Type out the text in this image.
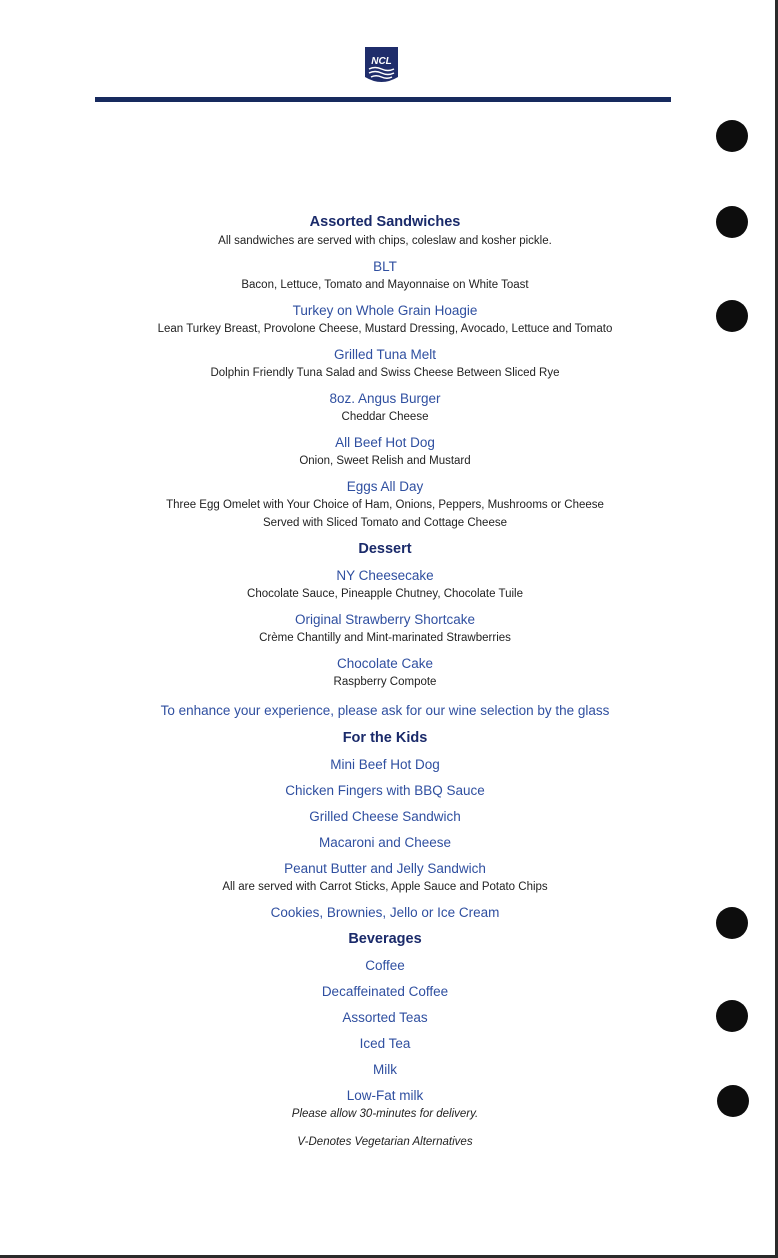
NCL
Assorted Sandwiches
All sandwiches are served with chips, coleslaw and kosher pickle.
BLT
Bacon, Lettuce, Tomato and Mayonnaise on White Toast
Turkey on Whole Grain Hoagie
Lean Turkey Breast, Provolone Cheese, Mustard Dressing, Avocado, Lettuce and Tomato
Grilled Tuna Melt
Dolphin Friendly Tuna Salad and Swiss Cheese Between Sliced Rye
8oz. Angus Burger
Cheddar Cheese
All Beef Hot Dog
Onion, Sweet Relish and Mustard
Eggs All Day
Three Egg Omelet with Your Choice of Ham, Onions, Peppers, Mushrooms or Cheese
Served with Sliced Tomato and Cottage Cheese
Dessert
NY Cheesecake
Chocolate Sauce, Pineapple Chutney, Chocolate Tuile
Original Strawberry Shortcake
Crème Chantilly and Mint-marinated Strawberries
Chocolate Cake
Raspberry Compote
To enhance your experience, please ask for our wine selection by the glass
For the Kids
Mini Beef Hot Dog
Chicken Fingers with BBQ Sauce
Grilled Cheese Sandwich
Macaroni and Cheese
Peanut Butter and Jelly Sandwich
All are served with Carrot Sticks, Apple Sauce and Potato Chips
Cookies, Brownies, Jello or Ice Cream
Beverages
Coffee
Decaffeinated Coffee
Assorted Teas
Iced Tea
Milk
Low-Fat milk
Please allow 30-minutes for delivery.
V-Denotes Vegetarian Alternatives
